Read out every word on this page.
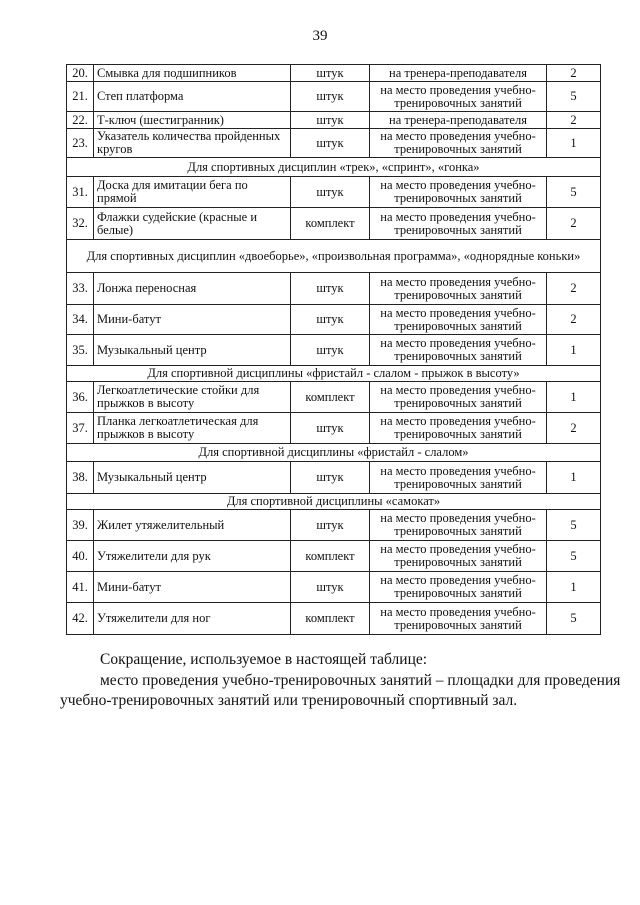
39
20.	Смывка для подшипников	штук	на тренера-преподавателя	2
21.	Степ платформа	штук	на место проведения учебно-тренировочных занятий	5
22.	Т-ключ (шестигранник)	штук	на тренера-преподавателя	2
23.	Указатель количества пройденных кругов	штук	на место проведения учебно-тренировочных занятий	1
Для спортивных дисциплин «трек», «спринт», «гонка»				
31.	Доска для имитации бега по прямой	штук	на место проведения учебно-тренировочных занятий	5
32.	Флажки судейские (красные и белые)	комплект	на место проведения учебно-тренировочных занятий	2
Для спортивных дисциплин «двоеборье», «произвольная программа», «однорядные коньки»				
33.	Лонжа переносная	штук	на место проведения учебно-тренировочных занятий	2
34.	Мини-батут	штук	на место проведения учебно-тренировочных занятий	2
35.	Музыкальный центр	штук	на место проведения учебно-тренировочных занятий	1
Для спортивной дисциплины «фристайл - слалом - прыжок в высоту»				
36.	Легкоатлетические стойки для прыжков в высоту	комплект	на место проведения учебно-тренировочных занятий	1
37.	Планка легкоатлетическая для прыжков в высоту	штук	на место проведения учебно-тренировочных занятий	2
Для спортивной дисциплины «фристайл - слалом»				
38.	Музыкальный центр	штук	на место проведения учебно-тренировочных занятий	1
Для спортивной дисциплины «самокат»				
39.	Жилет утяжелительный	штук	на место проведения учебно-тренировочных занятий	5
40.	Утяжелители для рук	комплект	на место проведения учебно-тренировочных занятий	5
41.	Мини-батут	штук	на место проведения учебно-тренировочных занятий	1
42.	Утяжелители для ног	комплект	на место проведения учебно-тренировочных занятий	5
Сокращение, используемое в настоящей таблице:
место проведения учебно-тренировочных занятий – площадки для проведения
учебно-тренировочных занятий или тренировочный спортивный зал.
